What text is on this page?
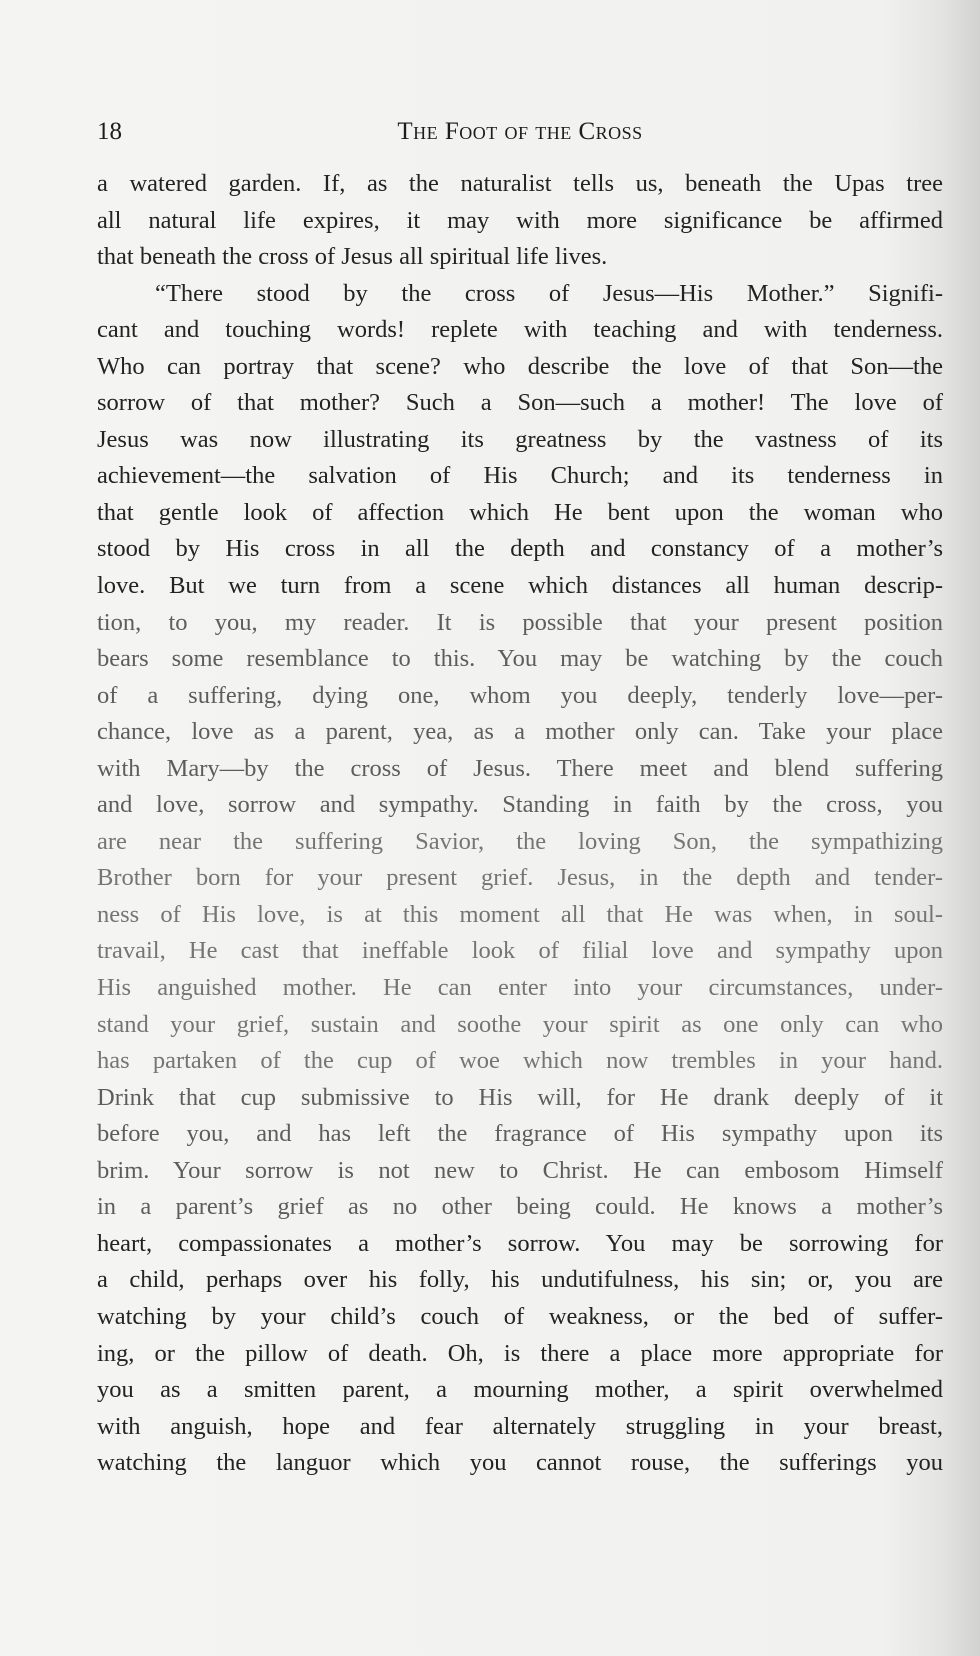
18	The Foot of the Cross
a watered garden. If, as the naturalist tells us, beneath the Upas tree
all natural life expires, it may with more significance be affirmed
that beneath the cross of Jesus all spiritual life lives.
“There stood by the cross of Jesus—His Mother.” Signifi-
cant and touching words! replete with teaching and with tenderness.
Who can portray that scene? who describe the love of that Son—the
sorrow of that mother? Such a Son—such a mother! The love of
Jesus was now illustrating its greatness by the vastness of its
achievement—the salvation of His Church; and its tenderness in
that gentle look of affection which He bent upon the woman who
stood by His cross in all the depth and constancy of a mother’s
love. But we turn from a scene which distances all human descrip-
tion, to you, my reader. It is possible that your present position
bears some resemblance to this. You may be watching by the couch
of a suffering, dying one, whom you deeply, tenderly love—per-
chance, love as a parent, yea, as a mother only can. Take your place
with Mary—by the cross of Jesus. There meet and blend suffering
and love, sorrow and sympathy. Standing in faith by the cross, you
are near the suffering Savior, the loving Son, the sympathizing
Brother born for your present grief. Jesus, in the depth and tender-
ness of His love, is at this moment all that He was when, in soul-
travail, He cast that ineffable look of filial love and sympathy upon
His anguished mother. He can enter into your circumstances, under-
stand your grief, sustain and soothe your spirit as one only can who
has partaken of the cup of woe which now trembles in your hand.
Drink that cup submissive to His will, for He drank deeply of it
before you, and has left the fragrance of His sympathy upon its
brim. Your sorrow is not new to Christ. He can embosom Himself
in a parent’s grief as no other being could. He knows a mother’s
heart, compassionates a mother’s sorrow. You may be sorrowing for
a child, perhaps over his folly, his undutifulness, his sin; or, you are
watching by your child’s couch of weakness, or the bed of suffer-
ing, or the pillow of death. Oh, is there a place more appropriate for
you as a smitten parent, a mourning mother, a spirit overwhelmed
with anguish, hope and fear alternately struggling in your breast,
watching the languor which you cannot rouse, the sufferings you
